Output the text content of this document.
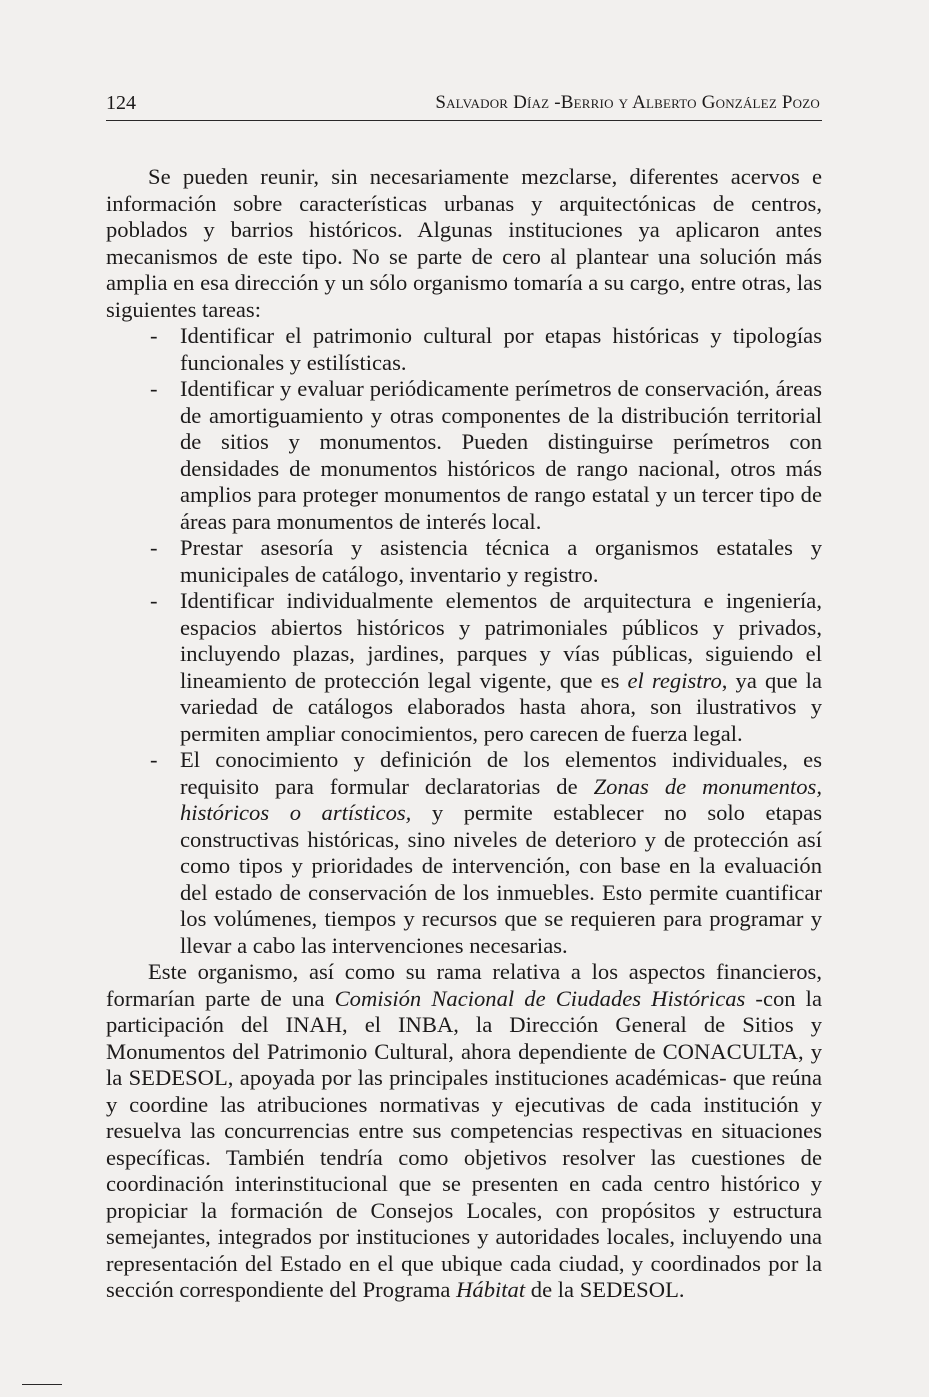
124	Salvador Díaz -Berrio y Alberto González Pozo

Se pueden reunir, sin necesariamente mezclarse, diferentes acervos e información sobre características urbanas y arquitectónicas de centros, poblados y barrios históricos. Algunas instituciones ya aplicaron antes mecanismos de este tipo. No se parte de cero al plantear una solución más amplia en esa dirección y un sólo organismo tomaría a su cargo, entre otras, las siguientes tareas:

- Identificar el patrimonio cultural por etapas históricas y tipologías funcionales y estilísticas.
- Identificar y evaluar periódicamente perímetros de conservación, áreas de amortiguamiento y otras componentes de la distribución territorial de sitios y monumentos. Pueden distinguirse perímetros con densidades de monumentos históricos de rango nacional, otros más amplios para proteger monumentos de rango estatal y un tercer tipo de áreas para monumentos de interés local.
- Prestar asesoría y asistencia técnica a organismos estatales y municipales de catálogo, inventario y registro.
- Identificar individualmente elementos de arquitectura e ingeniería, espacios abiertos históricos y patrimoniales públicos y privados, incluyendo plazas, jardines, parques y vías públicas, siguiendo el lineamiento de protección legal vigente, que es el registro, ya que la variedad de catálogos elaborados hasta ahora, son ilustrativos y permiten ampliar conocimientos, pero carecen de fuerza legal.
- El conocimiento y definición de los elementos individuales, es requisito para formular declaratorias de Zonas de monumentos, históricos o artísticos, y permite establecer no solo etapas constructivas históricas, sino niveles de deterioro y de protección así como tipos y prioridades de intervención, con base en la evaluación del estado de conservación de los inmuebles. Esto permite cuantificar los volúmenes, tiempos y recursos que se requieren para programar y llevar a cabo las intervenciones necesarias.

Este organismo, así como su rama relativa a los aspectos financieros, formarían parte de una Comisión Nacional de Ciudades Históricas -con la participación del INAH, el INBA, la Dirección General de Sitios y Monumentos del Patrimonio Cultural, ahora dependiente de CONACULTA, y la SEDESOL, apoyada por las principales instituciones académicas- que reúna y coordine las atribuciones normativas y ejecutivas de cada institución y resuelva las concurrencias entre sus competencias respectivas en situaciones específicas. También tendría como objetivos resolver las cuestiones de coordinación interinstitucional que se presenten en cada centro histórico y propiciar la formación de Consejos Locales, con propósitos y estructura semejantes, integrados por instituciones y autoridades locales, incluyendo una representación del Estado en el que ubique cada ciudad, y coordinados por la sección correspondiente del Programa Hábitat de la SEDESOL.
